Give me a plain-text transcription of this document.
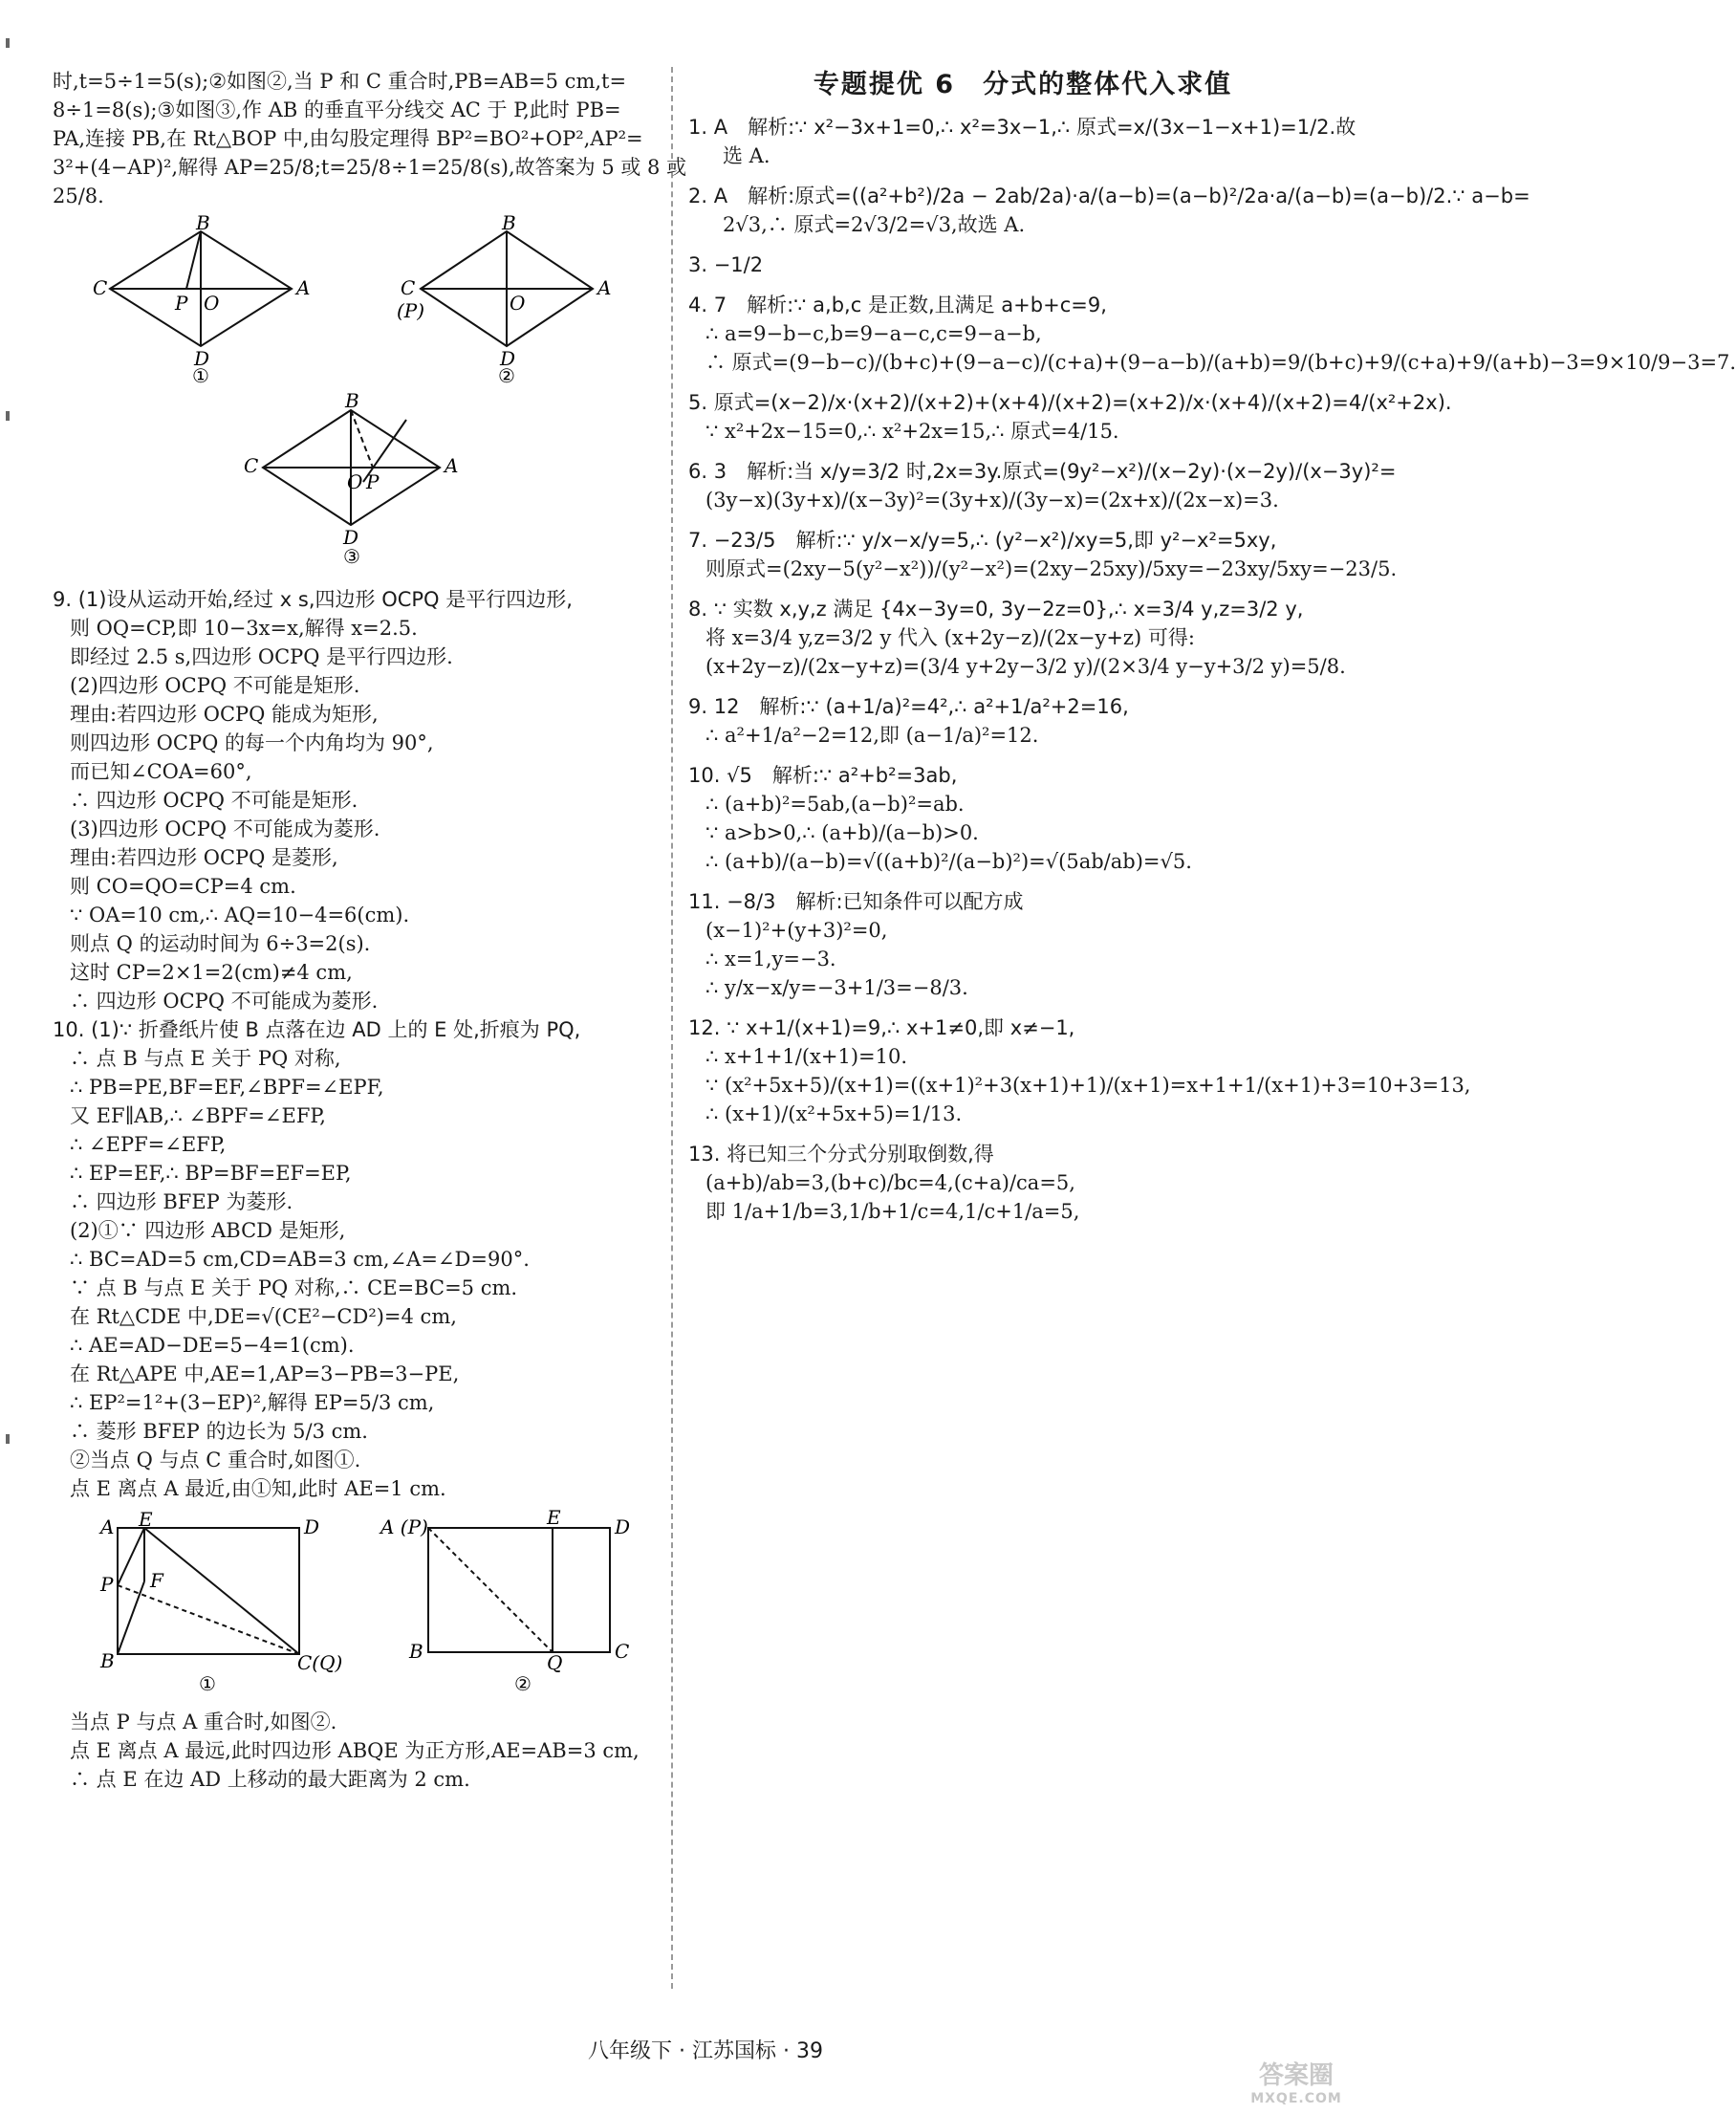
时,t=5÷1=5(s);②如图②,当 P 和 C 重合时,PB=AB=5 cm,t=
8÷1=8(s);③如图③,作 AB 的垂直平分线交 AC 于 P,此时 PB=
PA,连接 PB,在 Rt△BOP 中,由勾股定理得 BP²=BO²+OP²,AP²=
3²+(4−AP)²,解得 AP=25/8;t=25/8÷1=25/8(s),故答案为 5 或 8 或
25/8.
B
C	A
P O
D
①
B
C
(P)
A
O
D
②
B
C	A
O P
D
③
9. (1)设从运动开始,经过 x s,四边形 OCPQ 是平行四边形,
则 OQ=CP,即 10−3x=x,解得 x=2.5.
即经过 2.5 s,四边形 OCPQ 是平行四边形.
(2)四边形 OCPQ 不可能是矩形.
理由:若四边形 OCPQ 能成为矩形,
则四边形 OCPQ 的每一个内角均为 90°,
而已知∠COA=60°,
∴ 四边形 OCPQ 不可能是矩形.
(3)四边形 OCPQ 不可能成为菱形.
理由:若四边形 OCPQ 是菱形,
则 CO=QO=CP=4 cm.
∵ OA=10 cm,∴ AQ=10−4=6(cm).
则点 Q 的运动时间为 6÷3=2(s).
这时 CP=2×1=2(cm)≠4 cm,
∴ 四边形 OCPQ 不可能成为菱形.
10. (1)∵ 折叠纸片使 B 点落在边 AD 上的 E 处,折痕为 PQ,
∴ 点 B 与点 E 关于 PQ 对称,
∴ PB=PE,BF=EF,∠BPF=∠EPF,
又 EF∥AB,∴ ∠BPF=∠EFP,
∴ ∠EPF=∠EFP,
∴ EP=EF,∴ BP=BF=EF=EP,
∴ 四边形 BFEP 为菱形.
(2)①∵ 四边形 ABCD 是矩形,
∴ BC=AD=5 cm,CD=AB=3 cm,∠A=∠D=90°.
∵ 点 B 与点 E 关于 PQ 对称,∴ CE=BC=5 cm.
在 Rt△CDE 中,DE=√(CE²−CD²)=4 cm,
∴ AE=AD−DE=5−4=1(cm).
在 Rt△APE 中,AE=1,AP=3−PB=3−PE,
∴ EP²=1²+(3−EP)²,解得 EP=5/3 cm,
∴ 菱形 BFEP 的边长为 5/3 cm.
②当点 Q 与点 C 重合时,如图①.
点 E 离点 A 最近,由①知,此时 AE=1 cm.
A E	D
P F
B	C(Q)
①
A (P)	E	D
B	Q	C
②
当点 P 与点 A 重合时,如图②.
点 E 离点 A 最远,此时四边形 ABQE 为正方形,AE=AB=3 cm,
∴ 点 E 在边 AD 上移动的最大距离为 2 cm.
专题提优 6　分式的整体代入求值
1. A　解析:∵ x²−3x+1=0,∴ x²=3x−1,∴ 原式=x/(3x−1−x+1)=1/2.故
选 A.
2. A　解析:原式=((a²+b²)/2a − 2ab/2a)·a/(a−b)=(a−b)²/2a·a/(a−b)=(a−b)/2.∵ a−b=
2√3,∴ 原式=2√3/2=√3,故选 A.
3. −1/2
4. 7　解析:∵ a,b,c 是正数,且满足 a+b+c=9,
∴ a=9−b−c,b=9−a−c,c=9−a−b,
∴ 原式=(9−b−c)/(b+c)+(9−a−c)/(c+a)+(9−a−b)/(a+b)=9/(b+c)+9/(c+a)+9/(a+b)−3=9×10/9−3=7.
5. 原式=(x−2)/x·(x+2)/(x+2)+(x+4)/(x+2)=(x+2)/x·(x+4)/(x+2)=4/(x²+2x).
∵ x²+2x−15=0,∴ x²+2x=15,∴ 原式=4/15.
6. 3　解析:当 x/y=3/2 时,2x=3y.原式=(9y²−x²)/(x−2y)·(x−2y)/(x−3y)²=
(3y−x)(3y+x)/(x−3y)²=(3y+x)/(3y−x)=(2x+x)/(2x−x)=3.
7. −23/5　解析:∵ y/x−x/y=5,∴ (y²−x²)/xy=5,即 y²−x²=5xy,
则原式=(2xy−5(y²−x²))/(y²−x²)=(2xy−25xy)/5xy=−23xy/5xy=−23/5.
8. ∵ 实数 x,y,z 满足 {4x−3y=0, 3y−2z=0},∴ x=3/4 y,z=3/2 y,
将 x=3/4 y,z=3/2 y 代入 (x+2y−z)/(2x−y+z) 可得:
(x+2y−z)/(2x−y+z)=(3/4 y+2y−3/2 y)/(2×3/4 y−y+3/2 y)=5/8.
9. 12　解析:∵ (a+1/a)²=4²,∴ a²+1/a²+2=16,
∴ a²+1/a²−2=12,即 (a−1/a)²=12.
10. √5　解析:∵ a²+b²=3ab,
∴ (a+b)²=5ab,(a−b)²=ab.
∵ a>b>0,∴ (a+b)/(a−b)>0.
∴ (a+b)/(a−b)=√((a+b)²/(a−b)²)=√(5ab/ab)=√5.
11. −8/3　解析:已知条件可以配方成
(x−1)²+(y+3)²=0,
∴ x=1,y=−3.
∴ y/x−x/y=−3+1/3=−8/3.
12. ∵ x+1/(x+1)=9,∴ x+1≠0,即 x≠−1,
∴ x+1+1/(x+1)=10.
∵ (x²+5x+5)/(x+1)=((x+1)²+3(x+1)+1)/(x+1)=x+1+1/(x+1)+3=10+3=13,
∴ (x+1)/(x²+5x+5)=1/13.
13. 将已知三个分式分别取倒数,得
(a+b)/ab=3,(b+c)/bc=4,(c+a)/ca=5,
即 1/a+1/b=3,1/b+1/c=4,1/c+1/a=5,
八年级下 · 江苏国标 · 39
答案圈
MXQE.COM
